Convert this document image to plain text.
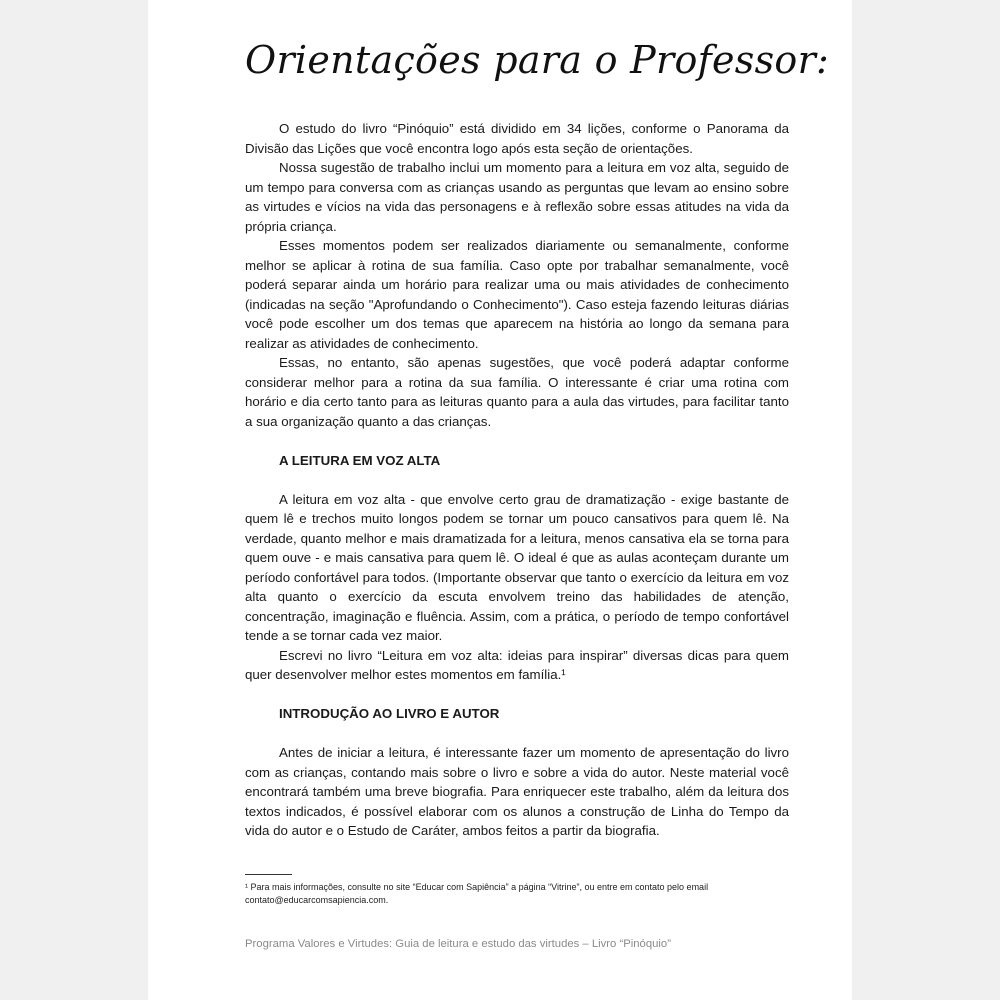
Orientações para o Professor:

O estudo do livro “Pinóquio” está dividido em 34 lições, conforme o Panorama da Divisão das Lições que você encontra logo após esta seção de orientações.

Nossa sugestão de trabalho inclui um momento para a leitura em voz alta, seguido de um tempo para conversa com as crianças usando as perguntas que levam ao ensino sobre as virtudes e vícios na vida das personagens e à reflexão sobre essas atitudes na vida da própria criança.

Esses momentos podem ser realizados diariamente ou semanalmente, conforme melhor se aplicar à rotina de sua família. Caso opte por trabalhar semanalmente, você poderá separar ainda um horário para realizar uma ou mais atividades de conhecimento (indicadas na seção "Aprofundando o Conhecimento"). Caso esteja fazendo leituras diárias você pode escolher um dos temas que aparecem na história ao longo da semana para realizar as atividades de conhecimento.

Essas, no entanto, são apenas sugestões, que você poderá adaptar conforme considerar melhor para a rotina da sua família. O interessante é criar uma rotina com horário e dia certo tanto para as leituras quanto para a aula das virtudes, para facilitar tanto a sua organização quanto a das crianças.

A LEITURA EM VOZ ALTA

A leitura em voz alta - que envolve certo grau de dramatização - exige bastante de quem lê e trechos muito longos podem se tornar um pouco cansativos para quem lê. Na verdade, quanto melhor e mais dramatizada for a leitura, menos cansativa ela se torna para quem ouve - e mais cansativa para quem lê. O ideal é que as aulas aconteçam durante um período confortável para todos. (Importante observar que tanto o exercício da leitura em voz alta quanto o exercício da escuta envolvem treino das habilidades de atenção, concentração, imaginação e fluência. Assim, com a prática, o período de tempo confortável tende a se tornar cada vez maior.

Escrevi no livro “Leitura em voz alta: ideias para inspirar” diversas dicas para quem quer desenvolver melhor estes momentos em família.¹

INTRODUÇÃO AO LIVRO E AUTOR

Antes de iniciar a leitura, é interessante fazer um momento de apresentação do livro com as crianças, contando mais sobre o livro e sobre a vida do autor. Neste material você encontrará também uma breve biografia. Para enriquecer este trabalho, além da leitura dos textos indicados, é possível elaborar com os alunos a construção de Linha do Tempo da vida do autor e o Estudo de Caráter, ambos feitos a partir da biografia.

¹ Para mais informações, consulte no site “Educar com Sapiência” a página “Vitrine”, ou entre em contato pelo email contato@educarcomsapiencia.com.
Programa Valores e Virtudes: Guia de leitura e estudo das virtudes – Livro “Pinóquio”
